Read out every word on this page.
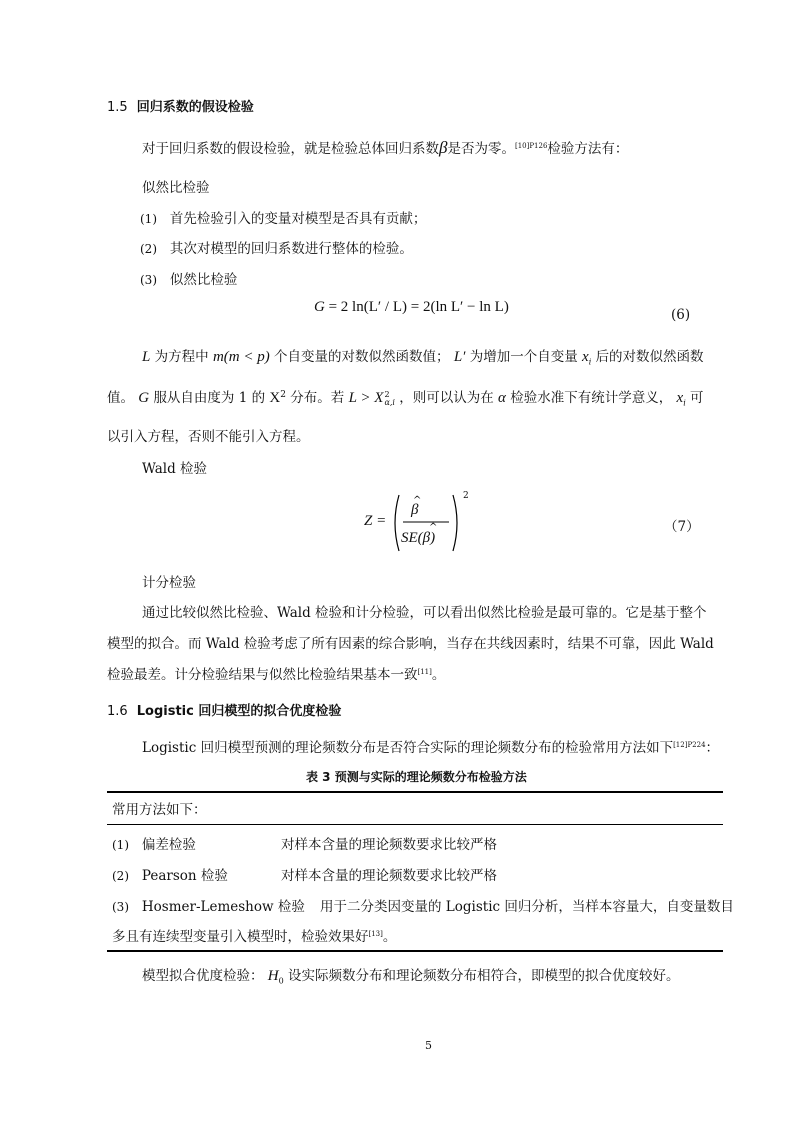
1.5 回归系数的假设检验
对于回归系数的假设检验，就是检验总体回归系数β是否为零。$^{[10]P126}$检验方法有：
似然比检验
(1) 首先检验引入的变量对模型是否具有贡献；
(2) 其次对模型的回归系数进行整体的检验。
(3) 似然比检验
G = 2 ln(L′ / L) = 2(ln L′ − ln L)	(6)
L 为方程中 m(m < p) 个自变量的对数似然函数值； L′ 为增加一个自变量 $x_i$ 后的对数似然函数
值。 G 服从自由度为 1 的 $X^2$ 分布。若 L > X2
α,i ，则可以认为在 α 检验水准下有统计学意义， $x_i$ 可
以引入方程，否则不能引入方程。
Wald 检验
Z =
^
β
^
SE(β)
2
（7）
计分检验
通过比较似然比检验、Wald 检验和计分检验，可以看出似然比检验是最可靠的。它是基于整个
模型的拟合。而 Wald 检验考虑了所有因素的综合影响，当存在共线因素时，结果不可靠，因此 Wald
检验最差。计分检验结果与似然比检验结果基本一致[11]。
1.6 Logistic 回归模型的拟合优度检验
Logistic 回归模型预测的理论频数分布是否符合实际的理论频数分布的检验常用方法如下$^{[12]P224}$：
表 3 预测与实际的理论频数分布检验方法
常用方法如下：
(1) 偏差检验	对样本含量的理论频数要求比较严格
(2) Pearson 检验	对样本含量的理论频数要求比较严格
(3) Hosmer-Lemeshow 检验 用于二分类因变量的 Logistic 回归分析，当样本容量大，自变量数目
多且有连续型变量引入模型时，检验效果好[13]。
模型拟合优度检验： $H_0$ 设实际频数分布和理论频数分布相符合，即模型的拟合优度较好。
5
